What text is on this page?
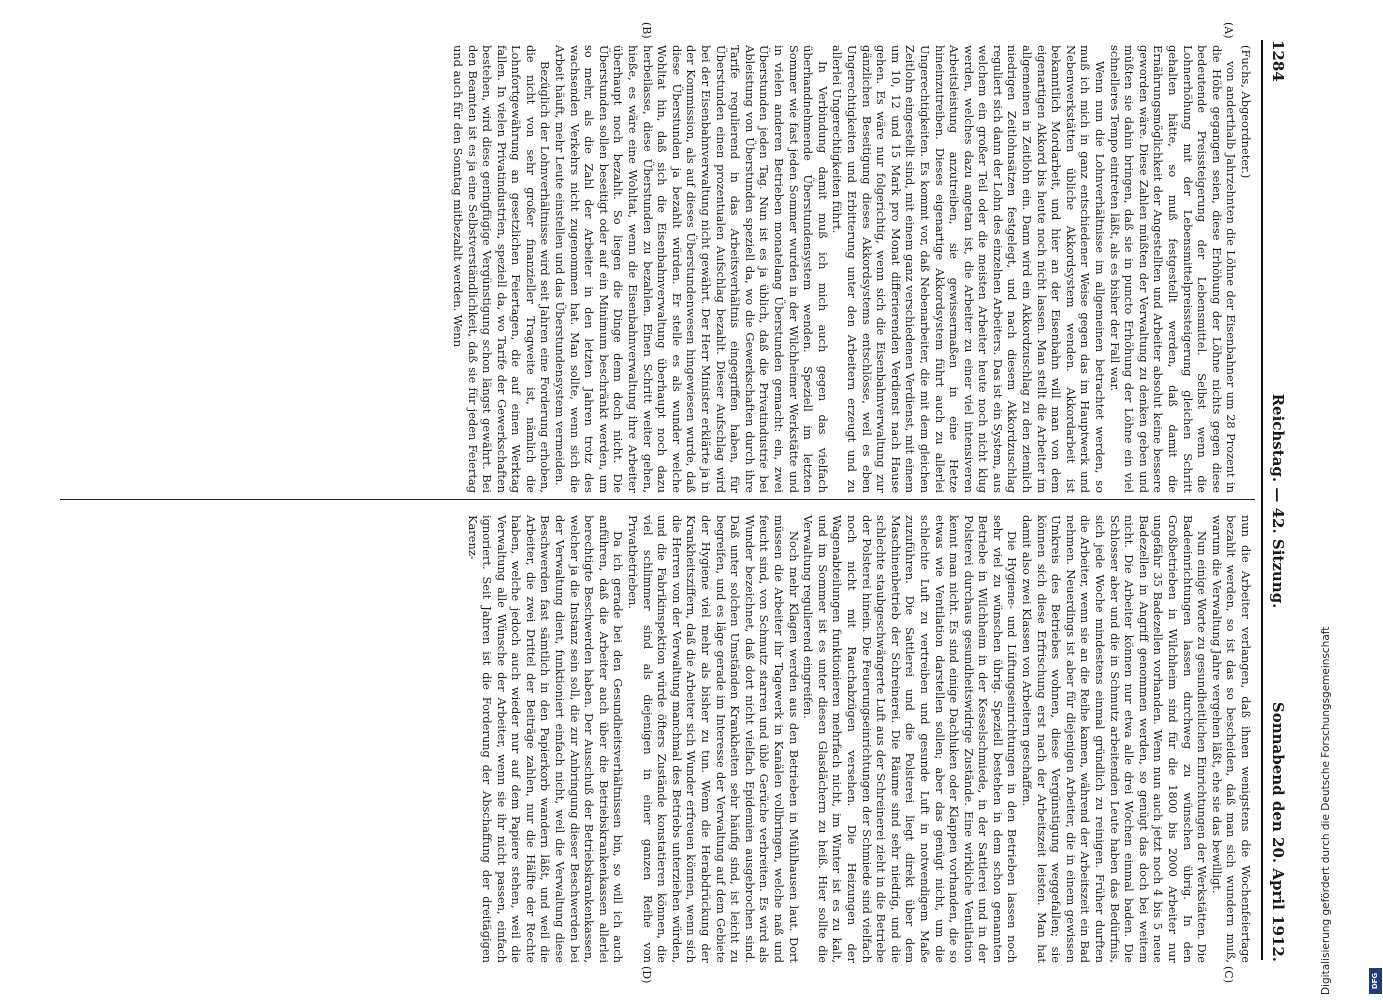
1284
Reichstag. — 42. Sitzung.
Sonnabend den 20. April 1912.
(A)
(B)
(C)
(D)

(Fuchs, Abgeordneter.)

von anderthalb Jahrzehnten die Löhne der Eisenbahner um 28 Prozent in die Höhe gegangen seien, diese Erhöhung der Löhne nichts gegen diese bedeutende Preissteigerung der Lebensmittel. Selbst wenn die Lohnerhöhung mit der Lebensmittelpreissteigerung gleichen Schritt gehalten hätte, so muß festgestellt werden, daß damit die Ernährungsmöglichkeit der Angestellten und Arbeiter absolut keine bessere geworden wäre. Diese Zahlen müßten der Verwaltung zu denken geben und müßten sie dahin bringen, daß sie in puncto Erhöhung der Löhne ein viel schnelleres Tempo eintreten läßt, als es bisher der Fall war.

Wenn nun die Lohnverhältnisse im allgemeinen betrachtet werden, so muß ich mich in ganz entschiedener Weise gegen das im Hauptwerk und Nebenwerkstätten übliche Akkordsystem wenden. Akkordarbeit ist bekanntlich Mordarbeit, und hier an der Eisenbahn will man von dem eigenartigen Akkord bis heute noch nicht lassen. Man stellt die Arbeiter im allgemeinen in Zeitlohn ein. Dann wird ein Akkordzuschlag zu den ziemlich niedrigen Zeitlohnsätzen festgelegt, und nach diesem Akkordzuschlag reguliert sich dann der Lohn des einzelnen Arbeiters. Das ist ein System, aus welchem ein großer Teil oder die meisten Arbeiter heute noch nicht klug werden, welches dazu angetan ist, die Arbeiter zu einer viel intensiveren Arbeitsleistung anzutreiben, sie gewissermaßen in eine Hetze hineinzutreiben. Dieses eigenartige Akkordsystem führt auch zu allerlei Ungerechtigkeiten. Es kommt vor, daß Nebenarbeiter, die mit dem gleichen Zeitlohn eingestellt sind, mit einem ganz verschiedenen Verdienst, mit einem um 10, 12 und 15 Mark pro Monat differierenden Verdienst nach Hause gehen. Es wäre nur folgerichtig, wenn sich die Eisenbahnverwaltung zur gänzlichen Beseitigung dieses Akkordsystems entschlösse, weil es eben Ungerechtigkeiten und Erbitterung unter den Arbeitern erzeugt und zu allerlei Ungerechtigkeiten führt.

In Verbindung damit muß ich mich auch gegen das vielfach überhandnehmende Überstundensystem wenden. Speziell im letzten Sommer wie fast jeden Sommer wurden in der Wilchheimer Werkstätte und in vielen anderen Betrieben monatelang Überstunden gemacht: ein, zwei Überstunden jeden Tag. Nun ist es ja üblich, daß die Privatindustrie bei Ableistung von Überstunden speziell da, wo die Gewerkschaften durch ihre Tarife regulierend in das Arbeitsverhältnis eingegriffen haben, für Überstunden einen prozentualen Aufschlag bezahlt. Dieser Aufschlag wird bei der Eisenbahnverwaltung nicht gewährt. Der Herr Minister erklärte ja in der Kommission, als auf dieses Überstundenwesen hingewiesen wurde, daß diese Überstunden ja bezahlt würden. Er stelle es als wunder welche Wohltat hin, daß sich die Eisenbahnverwaltung überhaupt noch dazu herbeilasse, diese Überstunden zu bezahlen. Einen Schritt weiter gehen, hieße, es wäre eine Wohltat, wenn die Eisenbahnverwaltung ihre Arbeiter überhaupt noch bezahlt. So liegen die Dinge denn doch nicht. Die Überstunden sollen beseitigt oder auf ein Minimum beschränkt werden, um so mehr, als die Zahl der Arbeiter in den letzten Jahren trotz des wachsenden Verkehrs nicht zugenommen hat. Man sollte, wenn sich die Arbeit häuft, mehr Leute einstellen und das Überstundensystem vermeiden.

Bezüglich der Lohnverhältnisse wird seit Jahren eine Forderung erhoben, die nicht von sehr großer finanzieller Tragweite ist, nämlich die Lohnfortgewährung an gesetzlichen Feiertagen, die auf einen Werktag fallen. In vielen Privatindustrien, speziell da, wo Tarife der Gewerkschaften bestehen, wird diese geringfügige Vergünstigung schon längst gewährt. Bei den Beamten ist es ja eine Selbstverständlichkeit, daß sie für jeden Feiertag und auch für den Sonntag mitbezahlt werden. Wenn

nun die Arbeiter verlangen, daß ihnen wenigstens die Wochenfeiertage bezahlt werden, so ist das so bescheiden, daß man sich wundern muß, warum die Verwaltung Jahre vergehen läßt, ehe sie das bewilligt.

Nun einige Worte zu gesundheitlichen Einrichtungen der Werkstätten. Die Badeeinrichtungen lassen durchweg zu wünschen übrig. In den Großbetrieben in Wilchheim sind für die 1800 bis 2000 Arbeiter nur ungefähr 35 Badezellen vorhanden. Wenn nun auch jetzt noch 4 bis 5 neue Badezellen in Angriff genommen werden, so genügt das doch bei weitem nicht. Die Arbeiter können nur etwa alle drei Wochen einmal baden. Die Schlosser aber und die in Schmutz arbeitenden Leute haben das Bedürfnis, sich jede Woche mindestens einmal gründlich zu reinigen. Früher durften die Arbeiter, wenn sie an die Reihe kamen, während der Arbeitszeit ein Bad nehmen. Neuerdings ist aber für diejenigen Arbeiter, die in einem gewissen Umkreis des Betriebes wohnen, diese Vergünstigung weggefallen; sie können sich diese Erfrischung erst nach der Arbeitszeit leisten. Man hat damit also zwei Klassen von Arbeitern geschaffen.

Die Hygiene- und Lüftungseinrichtungen in den Betrieben lassen noch sehr viel zu wünschen übrig. Speziell bestehen in dem schon genannten Betriebe in Wilchheim in der Kesselschmiede, in der Sattlerei und in der Polsterei durchaus gesundheitswidrige Zustände. Eine wirkliche Ventilation kennt man nicht. Es sind einige Dachluken oder Klappen vorhanden, die so etwas wie Ventilation darstellen sollen; aber das genügt nicht, um die schlechte Luft zu vertreiben und gesunde Luft in notwendigem Maße zuzuführen. Die Sattlerei und die Polsterei liegt direkt über dem Maschinenbetrieb der Schreinerei. Die Räume sind sehr niedrig, und die schlechte staubgeschwängerte Luft aus der Schreinerei zieht in die Betriebe der Polsterei hinein. Die Feuerungseinrichtungen der Schmiede sind vielfach noch nicht mit Rauchabzügen versehen. Die Heizungen der Wagenabteilungen funktionieren mehrfach nicht, im Winter ist es zu kalt, und im Sommer ist es unter diesen Glasdächern zu heiß. Hier sollte die Verwaltung regulierend eingreifen.

Noch mehr Klagen werden aus den Betrieben in Mühlhausen laut. Dort müssen die Arbeiter ihr Tagewerk in Kanälen vollbringen, welche naß und feucht sind, von Schmutz starren und üble Gerüche verbreiten. Es wird als Wunder bezeichnet, daß dort nicht vielfach Epidemien ausgebrochen sind. Daß unter solchen Umständen Krankheiten sehr häufig sind, ist leicht zu begreifen, und es läge gerade im Interesse der Verwaltung auf dem Gebiete der Hygiene viel mehr als bisher zu tun. Wenn die Herabdrückung der Krankheitsziffern, daß die Arbeiter sich Wunder erfreuen können, wenn sich die Herren von der Verwaltung manchmal des Betriebs unterziehen würden, und die Fabrikinspektion würde öfters Zustände konstatieren können, die viel schlimmer sind als diejenigen in einer ganzen Reihe von Privatbetrieben.

Da ich gerade bei den Gesundheitsverhältnissen bin, so will ich auch anführen, daß die Arbeiter auch über die Betriebskrankenkassen allerlei berechtigte Beschwerden haben. Der Ausschuß der Betriebskrankenkassen, welcher ja die Instanz sein soll, die zur Anbringung dieser Beschwerden bei der Verwaltung dient, funktioniert einfach nicht, weil die Verwaltung diese Beschwerden fast sämtlich in den Papierkorb wandern läßt, und weil die Arbeiter, die zwei Drittel der Beiträge zahlen, nur die Hälfte der Rechte haben, welche jedoch auch wieder nur auf dem Papiere stehen, weil die Verwaltung alle Wünsche der Arbeiter, wenn sie ihr nicht passen, einfach ignoriert. Seit Jahren ist die Forderung der Abschaffung der dreitägigen Karenz-

Digitalisierung gefördert durch die Deutsche Forschungsgemeinschaft	DFG
